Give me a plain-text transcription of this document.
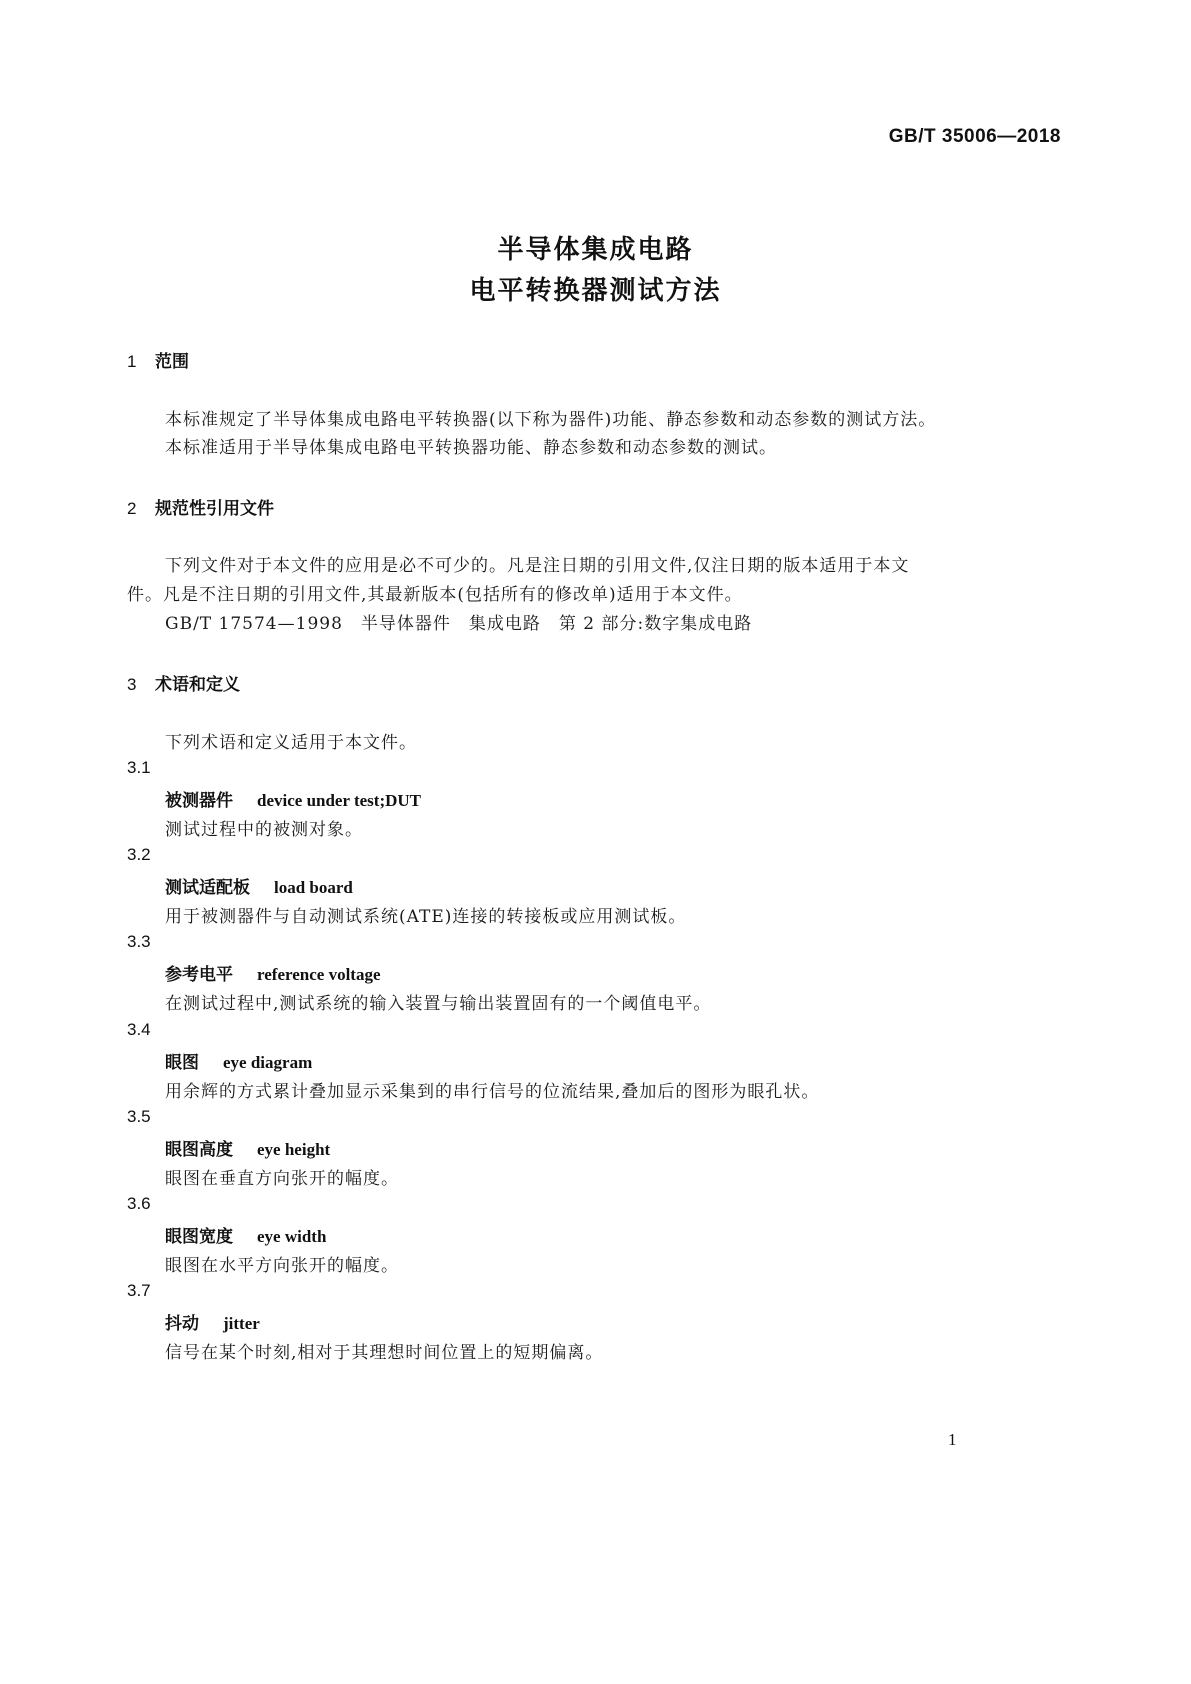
GB/T 35006—2018
半导体集成电路
电平转换器测试方法
1 范围
本标准规定了半导体集成电路电平转换器(以下称为器件)功能、静态参数和动态参数的测试方法。
本标准适用于半导体集成电路电平转换器功能、静态参数和动态参数的测试。
2 规范性引用文件
下列文件对于本文件的应用是必不可少的。凡是注日期的引用文件,仅注日期的版本适用于本文
件。凡是不注日期的引用文件,其最新版本(包括所有的修改单)适用于本文件。
GB/T 17574—1998 半导体器件 集成电路 第 2 部分:数字集成电路
3 术语和定义
下列术语和定义适用于本文件。
3.1
被测器件 device under test;DUT
测试过程中的被测对象。
3.2
测试适配板 load board
用于被测器件与自动测试系统(ATE)连接的转接板或应用测试板。
3.3
参考电平 reference voltage
在测试过程中,测试系统的输入装置与输出装置固有的一个阈值电平。
3.4
眼图 eye diagram
用余辉的方式累计叠加显示采集到的串行信号的位流结果,叠加后的图形为眼孔状。
3.5
眼图高度 eye height
眼图在垂直方向张开的幅度。
3.6
眼图宽度 eye width
眼图在水平方向张开的幅度。
3.7
抖动 jitter
信号在某个时刻,相对于其理想时间位置上的短期偏离。
1
